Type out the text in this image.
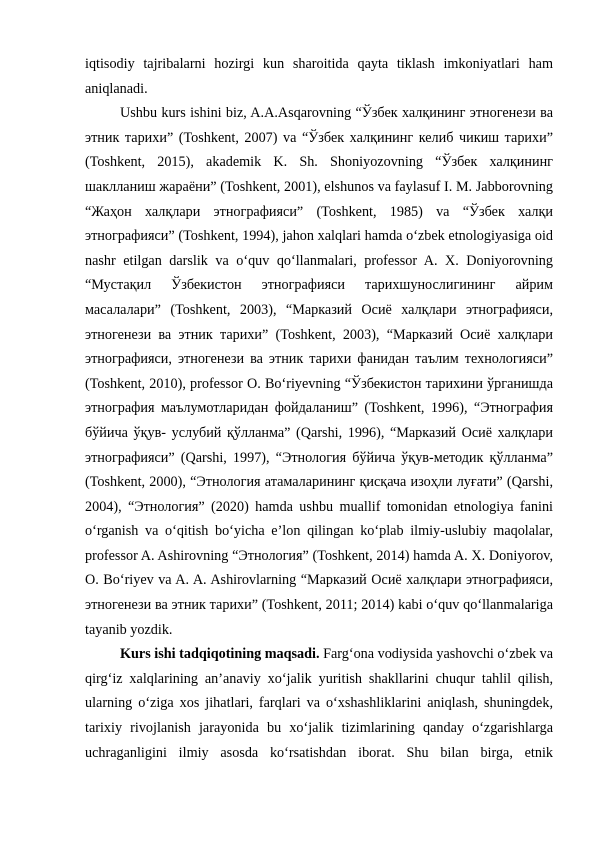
iqtisodiy tajribalarni hozirgi kun sharoitida qayta tiklash imkoniyatlari ham aniqlanadi.

Ushbu kurs ishini biz, A.A.Asqarovning “Ўзбек халқининг этногенези ва этник тарихи” (Toshkent, 2007) va “Ўзбек халқининг келиб чикиш тарихи” (Toshkent, 2015), akademik K. Sh. Shoniyozovning “Ўзбек халқининг шаклланиш жараёни” (Toshkent, 2001), elshunos va faylasuf I. M. Jabborovning “Жаҳон халқлари этнографияси” (Toshkent, 1985) va “Ўзбек халқи этнографияси” (Toshkent, 1994), jahon xalqlari hamda o‘zbek etnologiyasiga oid nashr etilgan darslik va o‘quv qo‘llanmalari, professor A. X. Doniyorovning “Мустақил Ўзбекистон этнографияси тарихшунослигининг айрим масалалари” (Toshkent, 2003), “Марказий Осиё халқлари этнографияси, этногенези ва этник тарихи” (Toshkent, 2003), “Марказий Осиё халқлари этнографияси, этногенези ва этник тарихи фанидан таълим технологияси” (Toshkent, 2010), professor O. Bo‘riyevning “Ўзбекистон тарихини ўрганишда этнография маълумотларидан фойдаланиш” (Toshkent, 1996), “Этнография бўйича ўқув- услубий қўлланма” (Qarshi, 1996), “Марказий Осиё халқлари этнографияси” (Qarshi, 1997), “Этнология бўйича ўқув-методик қўлланма” (Toshkent, 2000), “Этнология атамаларининг қисқача изоҳли луғати” (Qarshi, 2004), “Этнология” (2020) hamda ushbu muallif tomonidan etnologiya fanini o‘rganish va o‘qitish bo‘yicha e’lon qilingan ko‘plab ilmiy-uslubiy maqolalar, professor A. Ashirovning “Этнология” (Toshkent, 2014) hamda A. X. Doniyorov, O. Bo‘riyev va A. A. Ashirovlarning “Марказий Осиё халқлари этнографияси, этногенези ва этник тарихи” (Toshkent, 2011; 2014) kabi o‘quv qo‘llanmalariga tayanib yozdik.

Kurs ishi tadqiqotining maqsadi. Farg‘ona vodiysida yashovchi o‘zbek va qirg‘iz xalqlarining an’anaviy xo‘jalik yuritish shakllarini chuqur tahlil qilish, ularning o‘ziga xos jihatlari, farqlari va o‘xshashliklarini aniqlash, shuningdek, tarixiy rivojlanish jarayonida bu xo‘jalik tizimlarining qanday o‘zgarishlarga uchraganligini ilmiy asosda ko‘rsatishdan iborat. Shu bilan birga, etnik
